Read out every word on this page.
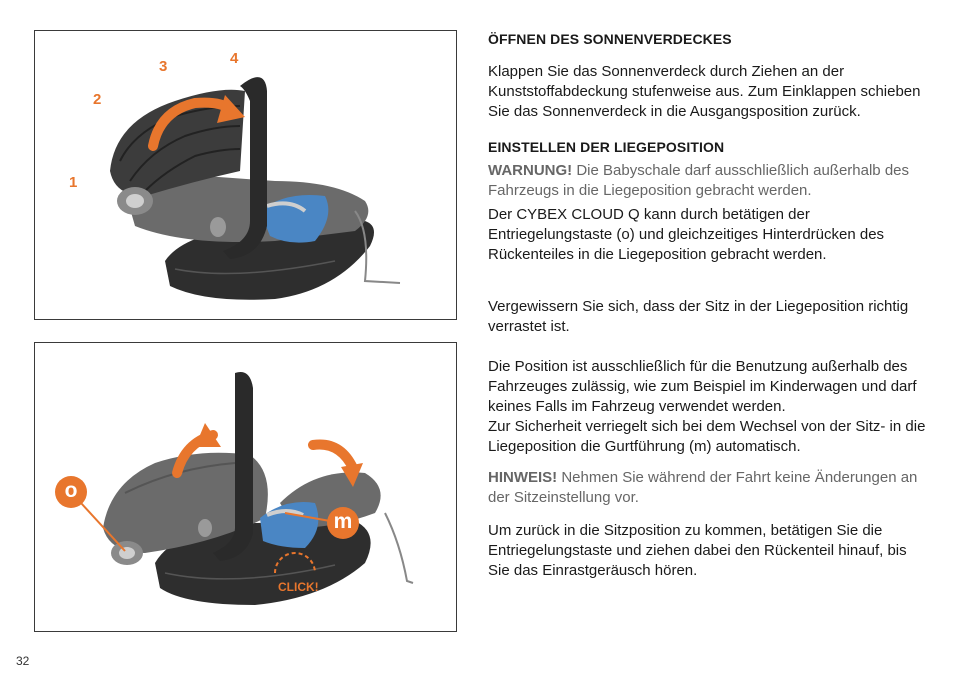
1
2
3	4
o
m
CLICK!
ÖFFNEN DES SONNENVERDECKES

Klappen Sie das Sonnenverdeck durch Ziehen an der Kunststoffabdeckung stufenweise aus. Zum Einklappen schieben Sie das Sonnenverdeck in die Ausgangsposition zurück.

EINSTELLEN DER LIEGEPOSITION

WARNUNG! Die Babyschale darf ausschließlich außerhalb des Fahrzeugs in die Liegeposition gebracht werden.

Der CYBEX CLOUD Q kann durch betätigen der Entriegelungstaste (o) und gleichzeitiges Hinterdrücken des Rückenteiles in die Liegeposition gebracht werden.

Vergewissern Sie sich, dass der Sitz in der Liegeposition richtig verrastet ist.

Die Position ist ausschließlich für die Benutzung außerhalb des Fahrzeuges zulässig, wie zum Beispiel im Kinderwagen und darf keines Falls im Fahrzeug verwendet werden.

Zur Sicherheit verriegelt sich bei dem Wechsel von der Sitz- in die Liegeposition die Gurtführung (m) automatisch.

HINWEIS! Nehmen Sie während der Fahrt keine Änderungen an der Sitzeinstellung vor.

Um zurück in die Sitzposition zu kommen, betätigen Sie die Entriegelungstaste und ziehen dabei den Rückenteil hinauf, bis Sie das Einrastgeräusch hören.

32
